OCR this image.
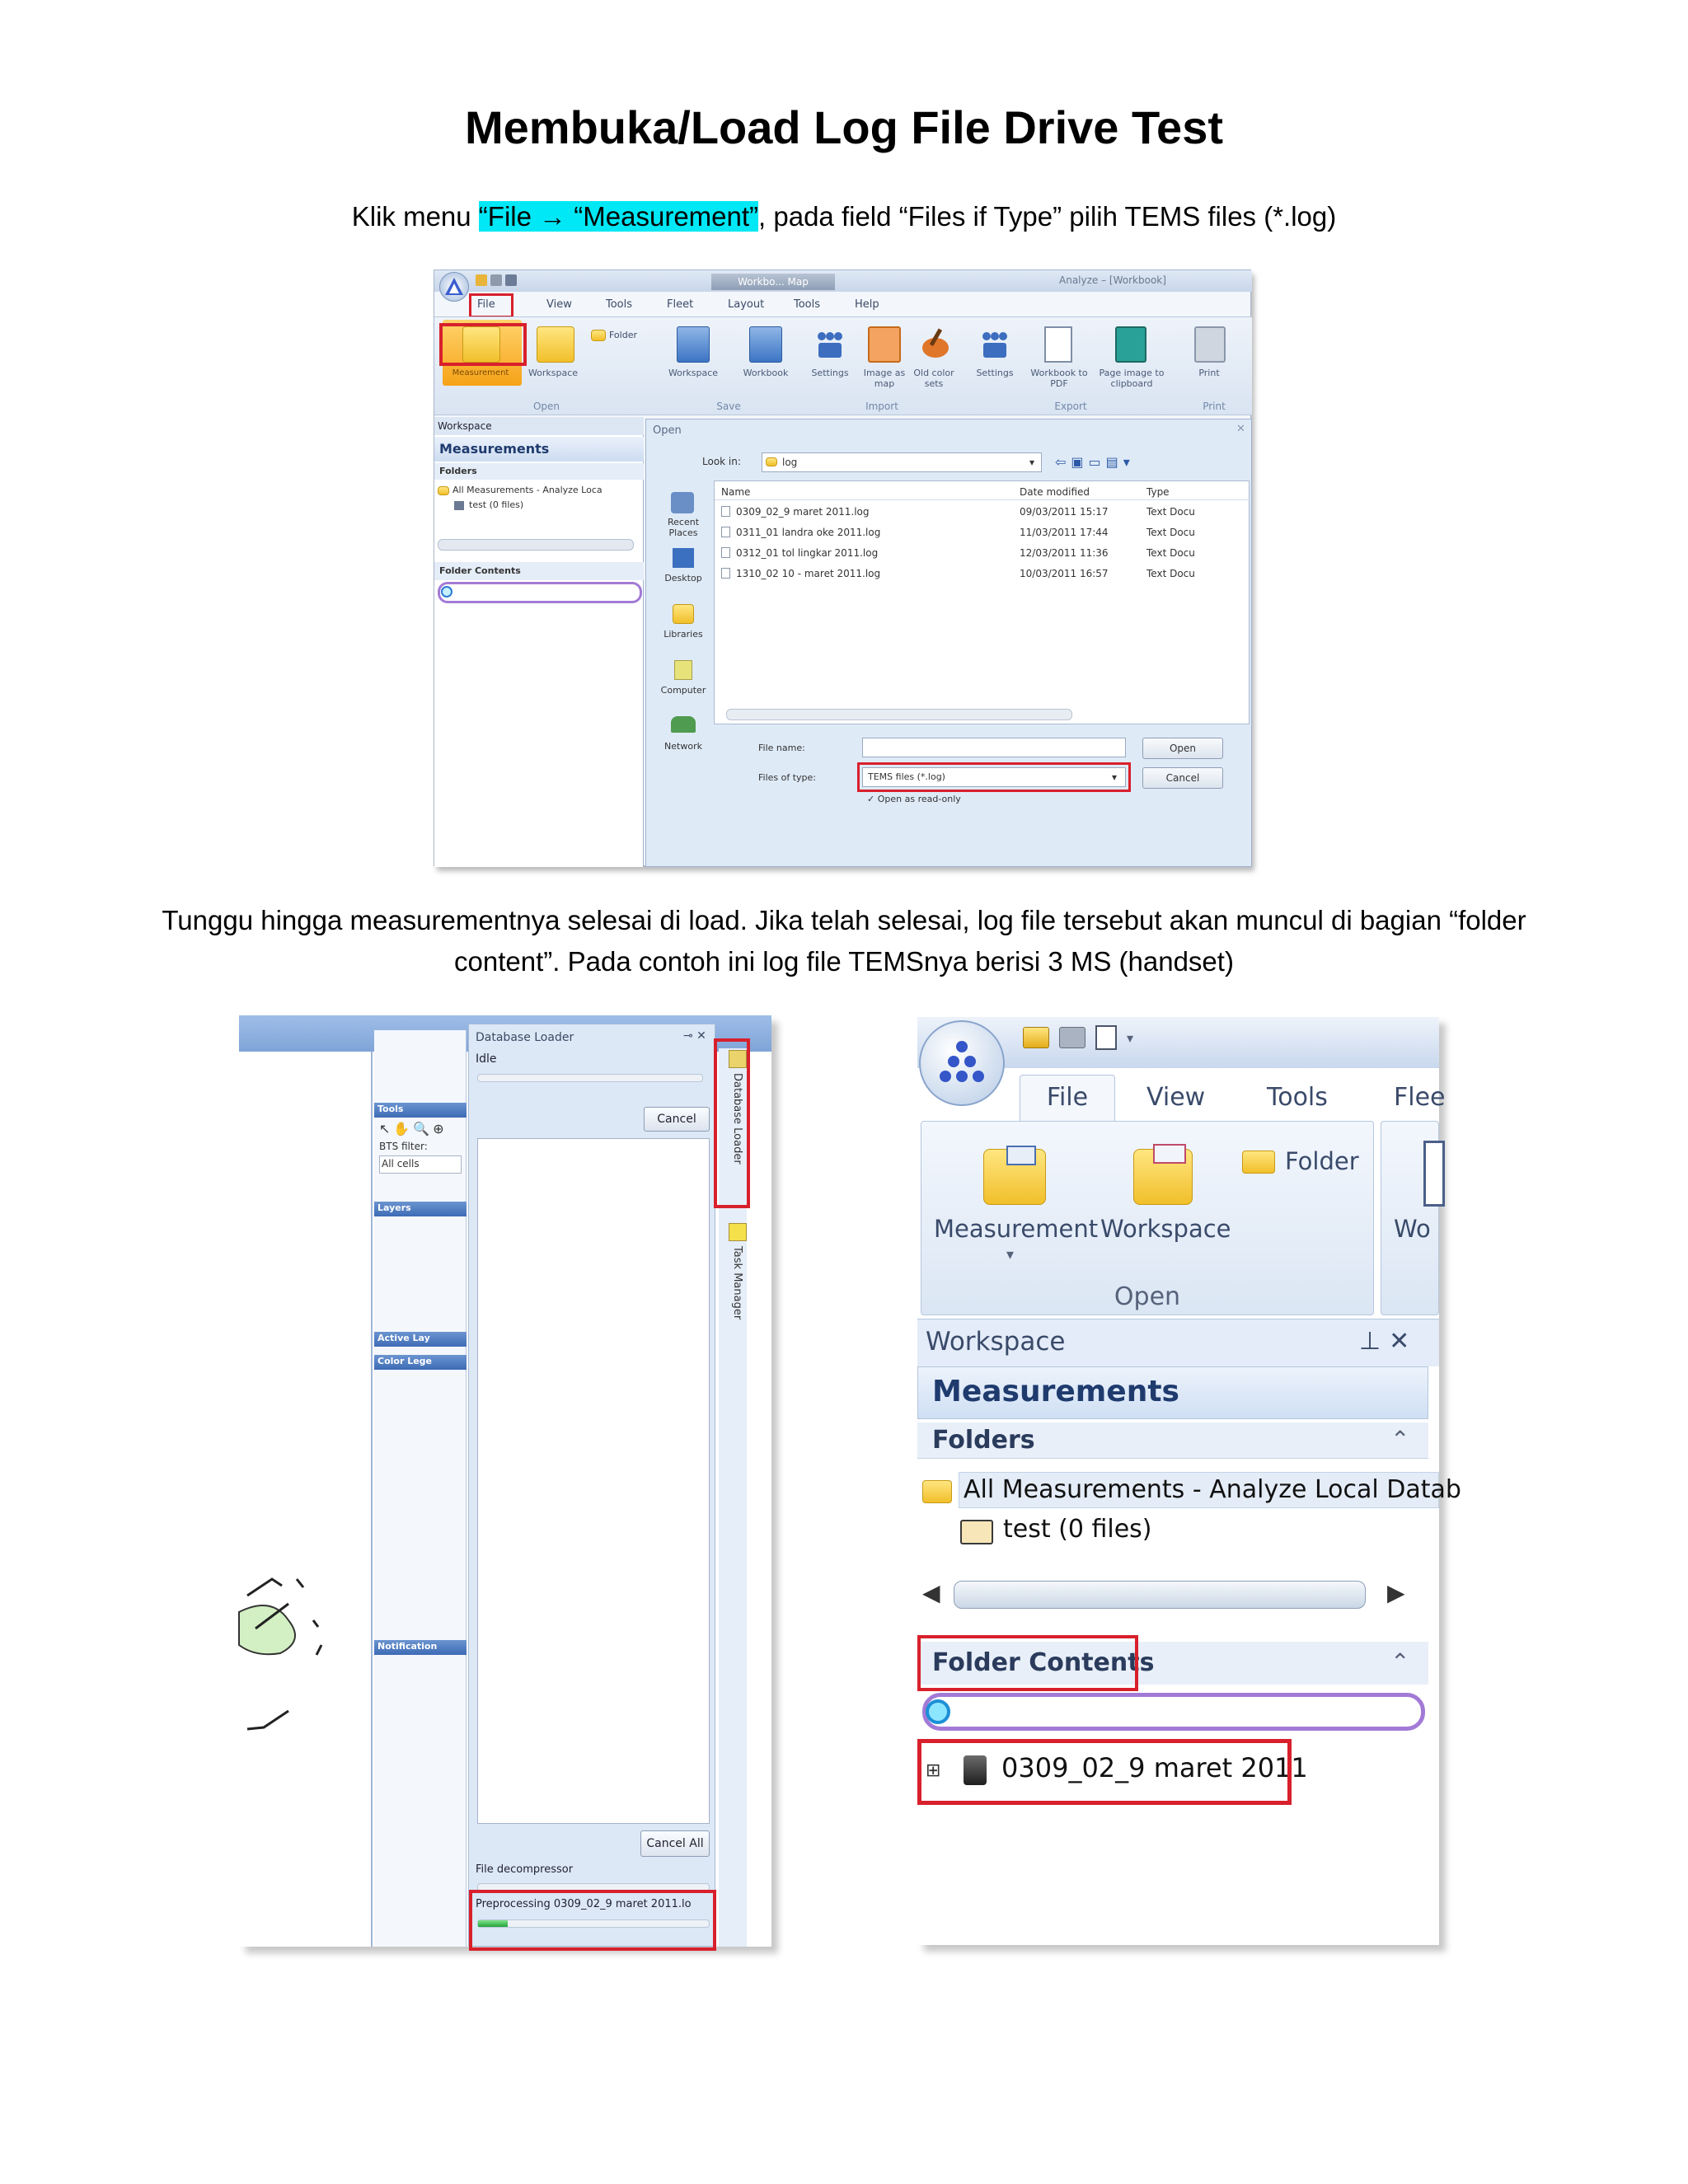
Membuka/Load Log File Drive Test
Klik menu “File → “Measurement”, pada field “Files if Type” pilih TEMS files (*.log)
Tunggu hingga measurementnya selesai di load. Jika telah selesai, log file tersebut akan muncul di bagian “folder
content”. Pada contoh ini log file TEMSnya berisi 3 MS (handset)
Workbo... Map	Analyze – [Workbook]
File	View	Tools	Fleet	Layout	Tools	Help
Measurement	Workspace
Folder
Workspace	Workbook	Settings	Image as map
Old color sets
Settings	Workbook to PDF
Page image to clipboard
Print
Open	Save	Import	Export	Print
Workspace
Measurements
Folders
All Measurements - Analyze Loca
test (0 files)
Folder Contents
Open	✕
Look in:	log	▾ ⇦▣▭▤▾
Recent Places
Desktop
Libraries
Computer
Network
Name	Date modified	Type
0309_02_9 maret 2011.log	09/03/2011 15:17	Text Docu
0311_01 landra oke 2011.log	11/03/2011 17:44	Text Docu
0312_01 tol lingkar 2011.log	12/03/2011 11:36	Text Docu
1310_02 10 - maret 2011.log	10/03/2011 16:57	Text Docu
File name:
Files of type:	TEMS files (*.log)	▾
✓ Open as read-only
Open
Cancel
Tools
↖✋🔍⊕
BTS filter:
All cells
Layers
Active Lay
Color Lege
Notification
Database Loader	⊸ ✕
Idle
Cancel
Cancel All
File decompressor
Preprocessing 0309_02_9 maret 2011.lo
Database Loader
Task Manager
▾
File	View Tools	Flee
Measurement
▾
Workspace
Folder
Wo
Open
Workspace	⊥✕
Measurements
Folders	⌃
All Measurements - Analyze Local Datab
test (0 files)
◀	▶
Folder Contents	⌃
⊞ 0309_02_9 maret 2011
